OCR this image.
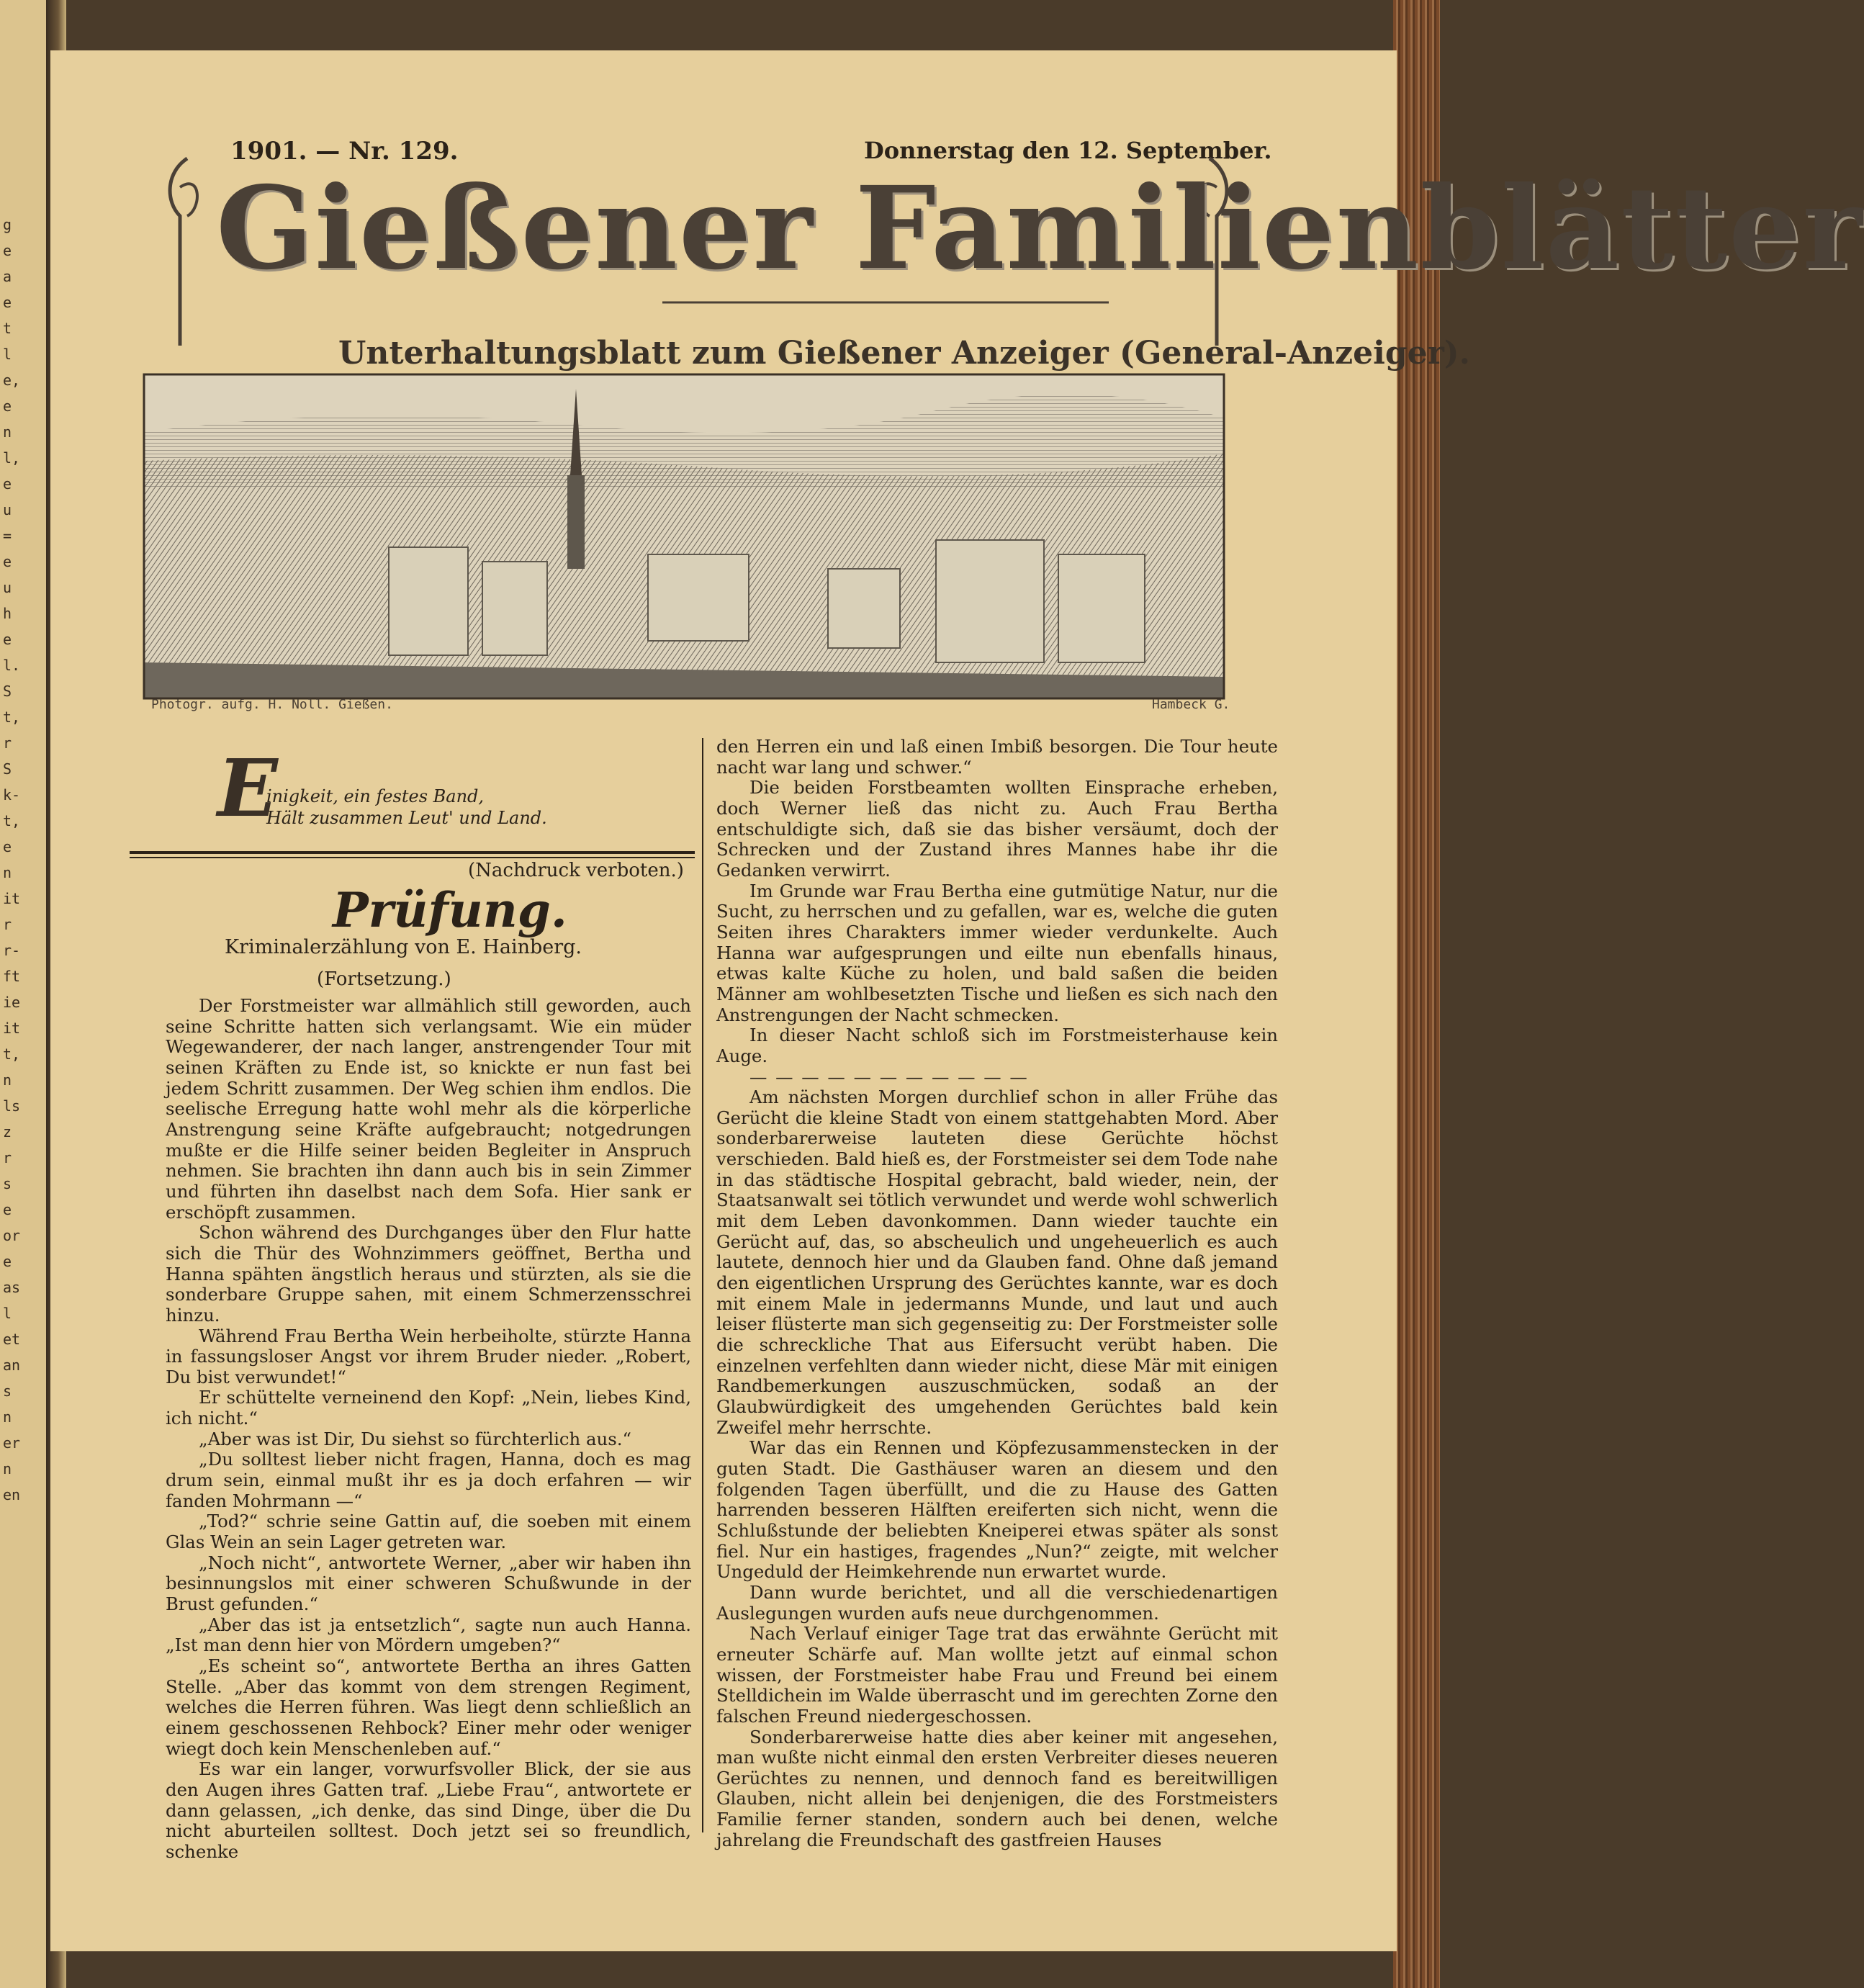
g
e
a
e
t
l
e,
e
n
l,
e
u
=
e
u
h
e
l.
S
t,
r
S
k-
t,
e
n
it
r
r-
ft
ie
it
t,
n
ls
z
r
s
e
or
e
as
l
et
an
s
n
er
n
en
1901. — Nr. 129.	Donnerstag den 12. September.
Gießener Familienblätter
Unterhaltungsblatt zum Gießener Anzeiger (General-Anzeiger).
Photogr. aufg. H. Noll. Gießen.	Hambeck G.
E
inigkeit, ein festes Band,
Hält zusammen Leut' und Land.
(Nachdruck verboten.)
Prüfung.
Kriminalerzählung von E. Hainberg.
(Fortsetzung.)

Der Forstmeister war allmählich still geworden, auch seine Schritte hatten sich verlangsamt. Wie ein müder Wegewanderer, der nach langer, anstrengender Tour mit seinen Kräften zu Ende ist, so knickte er nun fast bei jedem Schritt zusammen. Der Weg schien ihm endlos. Die seelische Erregung hatte wohl mehr als die körperliche Anstrengung seine Kräfte aufgebraucht; notgedrungen mußte er die Hilfe seiner beiden Begleiter in Anspruch nehmen. Sie brachten ihn dann auch bis in sein Zimmer und führten ihn daselbst nach dem Sofa. Hier sank er erschöpft zusammen.

Schon während des Durchganges über den Flur hatte sich die Thür des Wohnzimmers geöffnet, Bertha und Hanna spähten ängstlich heraus und stürzten, als sie die sonderbare Gruppe sahen, mit einem Schmerzensschrei hinzu.

Während Frau Bertha Wein herbeiholte, stürzte Hanna in fassungsloser Angst vor ihrem Bruder nieder. „Robert, Du bist verwundet!“

Er schüttelte verneinend den Kopf: „Nein, liebes Kind, ich nicht.“

„Aber was ist Dir, Du siehst so fürchterlich aus.“

„Du solltest lieber nicht fragen, Hanna, doch es mag drum sein, einmal mußt ihr es ja doch erfahren — wir fanden Mohrmann —“

„Tod?“ schrie seine Gattin auf, die soeben mit einem Glas Wein an sein Lager getreten war.

„Noch nicht“, antwortete Werner, „aber wir haben ihn besinnungslos mit einer schweren Schußwunde in der Brust gefunden.“

„Aber das ist ja entsetzlich“, sagte nun auch Hanna. „Ist man denn hier von Mördern umgeben?“

„Es scheint so“, antwortete Bertha an ihres Gatten Stelle. „Aber das kommt von dem strengen Regiment, welches die Herren führen. Was liegt denn schließlich an einem geschossenen Rehbock? Einer mehr oder weniger wiegt doch kein Menschenleben auf.“

Es war ein langer, vorwurfsvoller Blick, der sie aus den Augen ihres Gatten traf. „Liebe Frau“, antwortete er dann gelassen, „ich denke, das sind Dinge, über die Du nicht aburteilen solltest. Doch jetzt sei so freundlich, schenke

den Herren ein und laß einen Imbiß besorgen. Die Tour heute nacht war lang und schwer.“

Die beiden Forstbeamten wollten Einsprache erheben, doch Werner ließ das nicht zu. Auch Frau Bertha entschuldigte sich, daß sie das bisher versäumt, doch der Schrecken und der Zustand ihres Mannes habe ihr die Gedanken verwirrt.

Im Grunde war Frau Bertha eine gutmütige Natur, nur die Sucht, zu herrschen und zu gefallen, war es, welche die guten Seiten ihres Charakters immer wieder verdunkelte. Auch Hanna war aufgesprungen und eilte nun ebenfalls hinaus, etwas kalte Küche zu holen, und bald saßen die beiden Männer am wohlbesetzten Tische und ließen es sich nach den Anstrengungen der Nacht schmecken.

In dieser Nacht schloß sich im Forstmeisterhause kein Auge.

— — — — — — — — — — —

Am nächsten Morgen durchlief schon in aller Frühe das Gerücht die kleine Stadt von einem stattgehabten Mord. Aber sonderbarerweise lauteten diese Gerüchte höchst verschieden. Bald hieß es, der Forstmeister sei dem Tode nahe in das städtische Hospital gebracht, bald wieder, nein, der Staatsanwalt sei tötlich verwundet und werde wohl schwerlich mit dem Leben davonkommen. Dann wieder tauchte ein Gerücht auf, das, so abscheulich und ungeheuerlich es auch lautete, dennoch hier und da Glauben fand. Ohne daß jemand den eigentlichen Ursprung des Gerüchtes kannte, war es doch mit einem Male in jedermanns Munde, und laut und auch leiser flüsterte man sich gegenseitig zu: Der Forstmeister solle die schreckliche That aus Eifersucht verübt haben. Die einzelnen verfehlten dann wieder nicht, diese Mär mit einigen Randbemerkungen auszuschmücken, sodaß an der Glaubwürdigkeit des umgehenden Gerüchtes bald kein Zweifel mehr herrschte.

War das ein Rennen und Köpfezusammenstecken in der guten Stadt. Die Gasthäuser waren an diesem und den folgenden Tagen überfüllt, und die zu Hause des Gatten harrenden besseren Hälften ereiferten sich nicht, wenn die Schlußstunde der beliebten Kneiperei etwas später als sonst fiel. Nur ein hastiges, fragendes „Nun?“ zeigte, mit welcher Ungeduld der Heimkehrende nun erwartet wurde.

Dann wurde berichtet, und all die verschiedenartigen Auslegungen wurden aufs neue durchgenommen.

Nach Verlauf einiger Tage trat das erwähnte Gerücht mit erneuter Schärfe auf. Man wollte jetzt auf einmal schon wissen, der Forstmeister habe Frau und Freund bei einem Stelldichein im Walde überrascht und im gerechten Zorne den falschen Freund niedergeschossen.

Sonderbarerweise hatte dies aber keiner mit angesehen, man wußte nicht einmal den ersten Verbreiter dieses neueren Gerüchtes zu nennen, und dennoch fand es bereitwilligen Glauben, nicht allein bei denjenigen, die des Forstmeisters Familie ferner standen, sondern auch bei denen, welche jahrelang die Freundschaft des gastfreien Hauses
